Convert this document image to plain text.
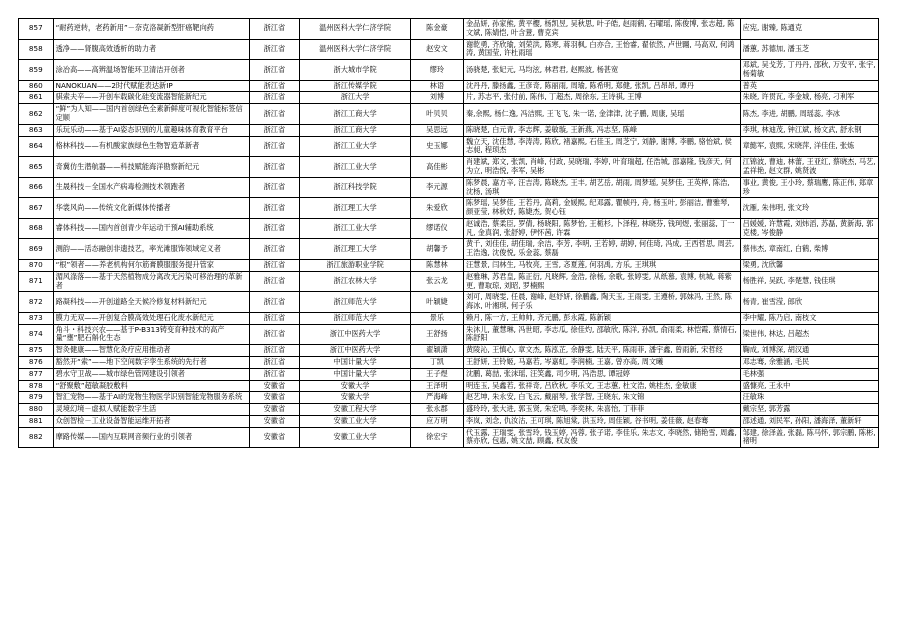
857	“耐药逆转，老药新用”－奈克洛凝新型肝癌靶向药	浙江省	温州医科大学仁济学院	陈金豪	金品妍, 孙家熊, 黄平樱, 杨凯昱, 吴秋思, 叶子皓, 赵雨鹤, 石曜瑶, 陈俊博, 张志超, 陈文斌, 陈婧恺, 叶含薏, 曹克宾	应宪, 谢臻, 陈通克
858	透净——肾腹高效透析的助力者	浙江省	温州医科大学仁济学院	赵安文	谢乾勇, 齐欣瑜, 刘荣洪, 陈寒, 蒋羽枫, 白亦合, 王怡睿, 翟依然, 卢世翾, 马高双, 何鸿涛, 黄国莹, 许杜雨瑶	潘蕙, 苏德加, 潘玉芝
859	涂冶高——高辨温场智能环卫清洁开创者	浙江省	浙大城市学院	缪玲	汤骁楚, 张妃元, 马均泫, 林君君, 赵熙波, 杨甚宽	邓斌, 吴戈芳, 丁丹丹, 邵秋, 万安平, 张宇, 杨菊敏
860	NANOKUAN——2时代赋能表达新IP	浙江省	浙江传媒学院	林语	沈丹丹, 滕扬鑫, 王彦奇, 陈丽雨, 周瑜, 陈希明, 郑健, 张凯, 吕昂昂, 谭丹	普英
861	骐索夫辛——开创车载碳化硅变流器智能新纪元	浙江省	浙江大学	刘博	片, 苏志平, 张付前, 陈伟, 丁超杰, 周徐东, 王诗祺, 王博	朱晓, 许贯瓦, 李金城, 杨亮, 刁利军
862	“鲜”为人知——国内首创绿色全素新鲜度可视化智能标签信定顺	浙江省	浙江工商大学	叶贝贝	秦,余熙, 杨仁逸, 冯洁熙, 王飞飞, 朱一诺, 金津津, 沈子鹏, 周康, 吴瑶	陈杰, 李进, 胡鹏, 周瑶蕊, 李冰
863	乐玩乐动——基于AI姿态识别的儿童趣味体育教育平台	浙江省	浙江工商大学	吴思远	陈晓楚, 白元青, 李志辉, 姜敏璇, 王新燕, 冯志坚, 陈峰	李琪, 林迪茂, 钟江斌, 杨文武, 舒永钢
864	格林科技——有机酸家族绿色生物智造革新者	浙江省	浙江工业大学	史玉娜	魏立天, 沈佳慧, 李涛涛, 陈欣, 褚嘉熙, 石佳玉, 周芝宁, 刘静, 谢博, 李鹏, 骆怡斌, 侯志昶, 程顼杰	章懿军, 袁熙, 宋晓萍, 洋佳佳, 张炼
865	奇冀仿生潜航器——科技赋能海洋勘察新纪元	浙江省	浙江工业大学	高佳彬	肖建斌, 郑文, 张凯, 肖峰, 付政, 吴晓瑞, 李婷, 叶育瑞超, 任浩城, 邵嘉隆, 钱彦天, 何为立, 明浩悦, 李军, 吴彬	江锦波, 曹迪, 林蕾, 王亚红, 蔡晓杰, 马艺, 孟祥艳, 赵文群, 姚贤波
866	生晟科技－全国水产病毒检测技术领跑者	浙江省	浙江科技学院	李元源	陈梦晨, 嘉方辛, 汪吉涛, 陈晓杰, 王丰, 胡艺岳, 胡雨, 周梦瑶, 吴梦佳, 王英桦, 陈浩, 沈杨, 汤琪	事业, 黄俊, 王小玲, 蔡瑞鹰, 陈正伟, 郑章珍
867	华裳风尚——传统文化新媒体传播者	浙江省	浙江理工大学	朱爱欣	陈梦瑶, 吴梦佳, 王若丹, 高莉, 金媛熙, 纪邓露, 瞿帧丹, 舟, 杨玉叶, 彭丽洁, 曹雅琴, 颜亚莹, 林秋妤, 陈婕杰, 贺心钰	沈雁, 朱伟明, 张文玲
868	睿体科技——国内首创青少年运动干预AI辅助系统	浙江省	浙江工业大学	缪诺仪	赵诚浩, 蔡柔臣, 罗倩, 杨晓阳, 陈梦怡, 王栀杉, 卜泽程, 林晓芬, 钱珂煜, 张丽蕊, 丁一凡, 金真润, 张舒婷, 伊怀茜, 许霖	吕媛媛, 许慧霞, 刘炜滔, 苏磊, 黄新海, 郭克楼, 岑俊静
869	测韵——活态融创非遗技艺，率光滩服饰领域定义者	浙江省	浙江理工大学	胡馨予	黄千, 刘佳佳, 胡佳瑞, 余洁, 李芳, 李明, 王若婷, 胡婷, 何佳琦, 冯成, 王西哲思, 周芸, 王浩逸, 沈俊悦, 乐金蕊, 蔡磊	蔡伟杰, 章南红, 白鹤, 柴博
870	“根”领者——养老机构何尔筋膏膜服服务提升管家	浙江省	浙江旅游职业学院	陈慧林	汪慧景, 闫林生, 马牧亮, 王雪, 忞夏莲, 何羽禹, 方乐, 王琪琪	梁勇, 沈欣馨
871	湄风涤落——基于天然植物成分离改无污染可移治理的革新者	浙江省	浙江农林大学	张云龙	赵雅琳, 苏君皇, 陈正衍, 凡晓辉, 金浩, 徐杨, 余歌, 张婷雯, 从纸慕, 袁博, 杭城, 蒋紫更, 曹取琼, 刘昭, 罗楠熙	杨胜祥, 吴跃, 李楚慧, 钱佳琪
872	路凝科技——开创道路全天候冷修复材料新纪元	浙江省	浙江师范大学	叶颖婕	刘可, 周晓雯, 任晨, 谢峰, 赵妤妍, 徐鹏鑫, 陶天玉, 王雨雯, 王遵桥, 郭妹冯, 王然, 陈海冰, 叶湘琪, 何子乐	杨青, 崔雪滢, 郎欣
873	膜力无双——开创复合膜高效处理石化废水新纪元	浙江省	浙江师范大学	景乐	赖月, 陈一方, 王帅帅, 齐元鹏, 彭永霞, 陈新颖	李中耀, 陈乃启, 南枝文
874	角斗・科技兴农——基于P-B313铸变育种技术的高产量“壅”肥石斛化生态	浙江省	浙江中医药大学	王舒扬	朱沐儿, 董慧琳, 冯世昭, 李志瓜, 徐佳灼, 邵敏欣, 陈洋, 孙凯, 俞雨柔, 林恺霞, 蔡情石, 陈舒阳	梁世伟, 林达, 吕超杰
875	智灸健康——智慧化灸疗应用推动者	浙江省	浙江中医药大学	翟颖潇	黄陵沁, 王慎心, 章文杰, 陈泓芷, 余静雯, 陆天平, 陈雨菲, 潘宇鑫, 曾雨新, 宋哲经	鞠成, 刘博深, 胡汉通
876	豁然开“索”——地下空间数字孪生系统的先行者	浙江省	中国计量大学	丁凯	王舒妍, 王铃姬, 马嘉若, 岑嘉虹, 李润楠, 王嘉, 曾亦高, 周文曦	邓志骞, 余雅涵, 毛民
877	碧水守卫战——城市绿色管网建设引领者	浙江省	中国计量大学	王子煜	沈鹏, 葛喆, 张沫瑶, 汪笑鑫, 司少明, 冯浩思, 谭冠婷	毛林强
878	“舒聚敷”超敏凝胶敷料	安徽省	安徽大学	王泽明	明连玉, 吴鑫若, 张祥奇, 吕欣秋, 李乐文, 王志蕙, 杜文浩, 姚桂杰, 金敏康	盛慷亮, 王永中
879	智汇宠物——基于AI的宠物生物医学识别智能宠物服务系统	安徽省	安徽大学	严海峰	赵艺坤, 朱永安, 白飞云, 戴丽琴, 张学智, 王晓东, 朱文锦	汪敏珠
880	灵境幻境－虚拟人赋能数字生活	安徽省	安徽工程大学	张永郡	盛玲玲, 张大进, 郭玉贤, 朱宏鸣, 李奕林, 朱喜怡, 丁菲菲	戴宗坚, 郭芳露
881	众创智检－工业设备智能运维开拓者	安徽省	安徽工业大学	应万明	李岚, 刘念, 仇汝沽, 王可琪, 陈旭棠, 洪玉玲, 周佳颖, 谷书明, 姜佳薇, 赵春骞	邵述通, 刘民军, 孙阳, 潘海泽, 董新轩
882	摩路传媒——国内互联网音频行业的引领者	安徽省	安徽工业大学	徐宏宇	代玉露, 王瑞雯, 张雪玲, 钱玉婷, 冯蓉, 张子诺, 李佳乐, 朱志文, 李晓然, 储艳雪, 周鑫, 蔡亦欣, 包惠, 姚文喆, 顾鑫, 权友俊	邹建, 徐泽盖, 张磊, 陈马怀, 郭宗鹏, 陈彬, 褚明
